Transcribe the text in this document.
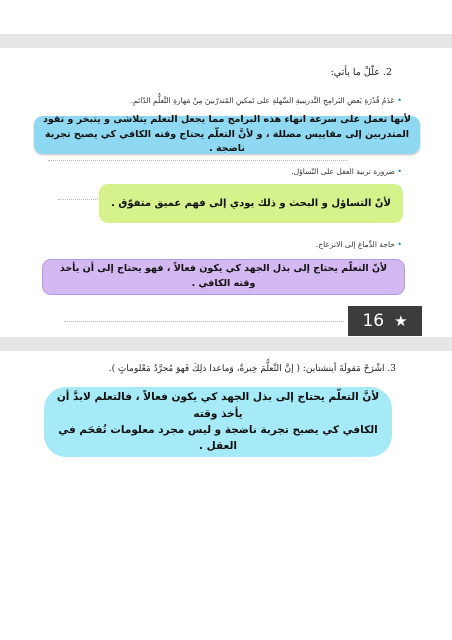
2. علّلْ ما يأتي:
• عَدَمُ قُدْرَةِ بَعضِ البَرامِجِ التَّدريبيةِ السَّهلةِ على تَمكينِ المُتدرّبينَ مِنْ مَهارةِ التَّعلُّمِ الدّائمِ.
لأنها تعمل على سرعة انهاء هذه البرامج مما يجعل التعلم يتلاشى و يتبخر و تقود
المتدربين إلى مقاييس مضللة ، و لأنَّ التعلّم يحتاج وقته الكافي كي يصبح تجربة ناضجة .
• ضرورة تربية العقل على التّساؤل.
لأنّ التساؤل و البحث و ذلك يودي إلى فهم عميق متفوّق .
• حاجة الدِّماغ إلى الانزعاج.
لأنّ التعلّم يحتاج إلى بذل الجهد كي يكون فعالاً ، فهو يحتاج إلى أن يأخذ وقته الكافي .
16 ★
3. اشْرَحْ مَقولَةَ أينشتاين: ( إنَّ التَّعلُّمَ خِبرةٌ، وَماعدا ذلِكَ فَهوَ مُجرَّدُ مَعْلوماتٍ ).
لأنَّ التعلّم يحتاج إلى بذل الجهد كي يكون فعالاً ، فالتعلم لابدَّ أن يأخذ وقته
الكافي كي يصبح تجربة ناضجة و ليس مجرد معلومات تُقحَم في العقل .
